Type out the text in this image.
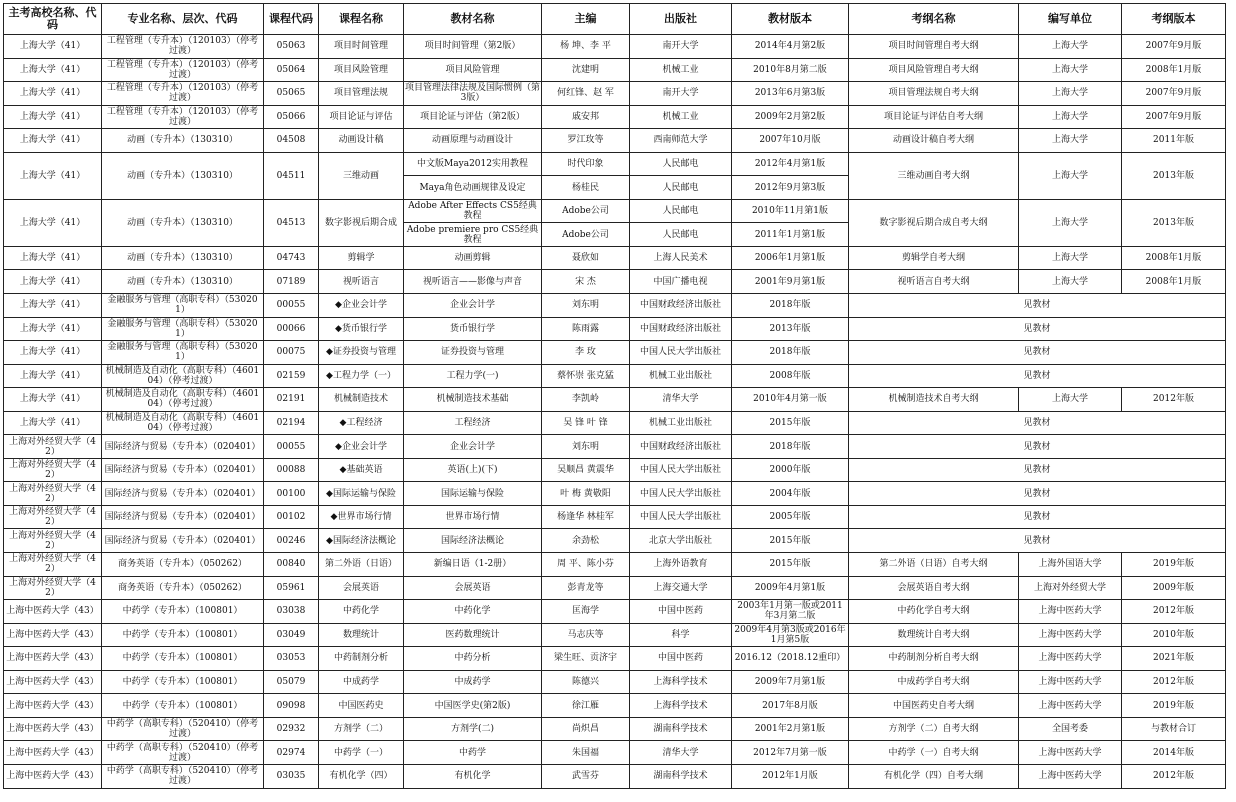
主考高校名称、代码	专业名称、层次、代码	课程代码	课程名称	教材名称	主编	出版社	教材版本	考纲名称	编写单位	考纲版本
上海大学（41）	工程管理（专升本）（120103）（停考过渡）	05063	项目时间管理	项目时间管理（第2版）	杨 坤、李 平	南开大学	2014年4月第2版	项目时间管理自考大纲	上海大学	2007年9月版
上海大学（41）	工程管理（专升本）（120103）（停考过渡）	05064	项目风险管理	项目风险管理	沈建明	机械工业	2010年8月第二版	项目风险管理自考大纲	上海大学	2008年1月版
上海大学（41）	工程管理（专升本）（120103）（停考过渡）	05065	项目管理法规	项目管理法律法规及国际惯例（第3版）	何红锋、赵 军	南开大学	2013年6月第3版	项目管理法规自考大纲	上海大学	2007年9月版
上海大学（41）	工程管理（专升本）（120103）（停考过渡）	05066	项目论证与评估	项目论证与评估（第2版）	戚安邦	机械工业	2009年2月第2版	项目论证与评估自考大纲	上海大学	2007年9月版
上海大学（41）	动画（专升本）（130310）	04508	动画设计稿	动画原理与动画设计	罗江玫等	西南师范大学	2007年10月版	动画设计稿自考大纲	上海大学	2011年版
上海大学（41）	动画（专升本）（130310）	04511	三维动画	中文版Maya2012实用教程	时代印象	人民邮电	2012年4月第1版	三维动画自考大纲	上海大学	2013年版
				Maya角色动画规律及设定	杨桂民	人民邮电	2012年9月第3版			
上海大学（41）	动画（专升本）（130310）	04513	数字影视后期合成	Adobe After Effects CS5经典教程	Adobe公司	人民邮电	2010年11月第1版	数字影视后期合成自考大纲	上海大学	2013年版
				Adobe premiere pro CS5经典教程	Adobe公司	人民邮电	2011年1月第1版			
上海大学（41）	动画（专升本）（130310）	04743	剪辑学	动画剪辑	聂欣如	上海人民美术	2006年1月第1版	剪辑学自考大纲	上海大学	2008年1月版
上海大学（41）	动画（专升本）（130310）	07189	视听语言	视听语言——影像与声音	宋 杰	中国广播电视	2001年9月第1版	视听语言自考大纲	上海大学	2008年1月版
上海大学（41）	金融服务与管理（高职专科）（530201）	00055	◆企业会计学	企业会计学	刘东明	中国财政经济出版社	2018年版	见教材		
上海大学（41）	金融服务与管理（高职专科）（530201）	00066	◆货币银行学	货币银行学	陈雨露	中国财政经济出版社	2013年版	见教材		
上海大学（41）	金融服务与管理（高职专科）（530201）	00075	◆证券投资与管理	证券投资与管理	李 玫	中国人民大学出版社	2018年版	见教材		
上海大学（41）	机械制造及自动化（高职专科）（460104）（停考过渡）	02159	◆工程力学（一）	工程力学(一)	蔡怀崇 张克猛	机械工业出版社	2008年版	见教材		
上海大学（41）	机械制造及自动化（高职专科）（460104）（停考过渡）	02191	机械制造技术	机械制造技术基础	李凯岭	清华大学	2010年4月第一版	机械制造技术自考大纲	上海大学	2012年版
上海大学（41）	机械制造及自动化（高职专科）（460104）（停考过渡）	02194	◆工程经济	工程经济	吴 锋 叶 锋	机械工业出版社	2015年版	见教材		
上海对外经贸大学（42）	国际经济与贸易（专升本）（020401）	00055	◆企业会计学	企业会计学	刘东明	中国财政经济出版社	2018年版	见教材		
上海对外经贸大学（42）	国际经济与贸易（专升本）（020401）	00088	◆基础英语	英语(上)(下)	吴顺昌 黄震华	中国人民大学出版社	2000年版	见教材		
上海对外经贸大学（42）	国际经济与贸易（专升本）（020401）	00100	◆国际运输与保险	国际运输与保险	叶 梅 黄敬阳	中国人民大学出版社	2004年版	见教材		
上海对外经贸大学（42）	国际经济与贸易（专升本）（020401）	00102	◆世界市场行情	世界市场行情	杨逢华 林桂军	中国人民大学出版社	2005年版	见教材		
上海对外经贸大学（42）	国际经济与贸易（专升本）（020401）	00246	◆国际经济法概论	国际经济法概论	余劲松	北京大学出版社	2015年版	见教材		
上海对外经贸大学（42）	商务英语（专升本）（050262）	00840	第二外语（日语）	新编日语（1-2册）	周 平、陈小芬	上海外语教育	2015年版	第二外语（日语）自考大纲	上海外国语大学	2019年版
上海对外经贸大学（42）	商务英语（专升本）（050262）	05961	会展英语	会展英语	彭青龙等	上海交通大学	2009年4月第1版	会展英语自考大纲	上海对外经贸大学	2009年版
上海中医药大学（43）	中药学（专升本）（100801）	03038	中药化学	中药化学	匡海学	中国中医药	2003年1月第一版或2011年3月第二版	中药化学自考大纲	上海中医药大学	2012年版
上海中医药大学（43）	中药学（专升本）（100801）	03049	数理统计	医药数理统计	马志庆等	科学	2009年4月第3版或2016年1月第5版	数理统计自考大纲	上海中医药大学	2010年版
上海中医药大学（43）	中药学（专升本）（100801）	03053	中药制剂分析	中药分析	梁生旺、贡济宇	中国中医药	2016.12（2018.12重印）	中药制剂分析自考大纲	上海中医药大学	2021年版
上海中医药大学（43）	中药学（专升本）（100801）	05079	中成药学	中成药学	陈德兴	上海科学技术	2009年7月第1版	中成药学自考大纲	上海中医药大学	2012年版
上海中医药大学（43）	中药学（专升本）（100801）	09098	中国医药史	中国医学史(第2版)	徐江雁	上海科学技术	2017年8月版	中国医药史自考大纲	上海中医药大学	2019年版
上海中医药大学（43）	中药学（高职专科）（520410）（停考过渡）	02932	方剂学（二）	方剂学(二)	尚炽昌	湖南科学技术	2001年2月第1版	方剂学（二）自考大纲	全国考委	与教材合订
上海中医药大学（43）	中药学（高职专科）（520410）（停考过渡）	02974	中药学（一）	中药学	朱国福	清华大学	2012年7月第一版	中药学（一）自考大纲	上海中医药大学	2014年版
上海中医药大学（43）	中药学（高职专科）（520410）（停考过渡）	03035	有机化学（四）	有机化学	武雪芬	湖南科学技术	2012年1月版	有机化学（四）自考大纲	上海中医药大学	2012年版
